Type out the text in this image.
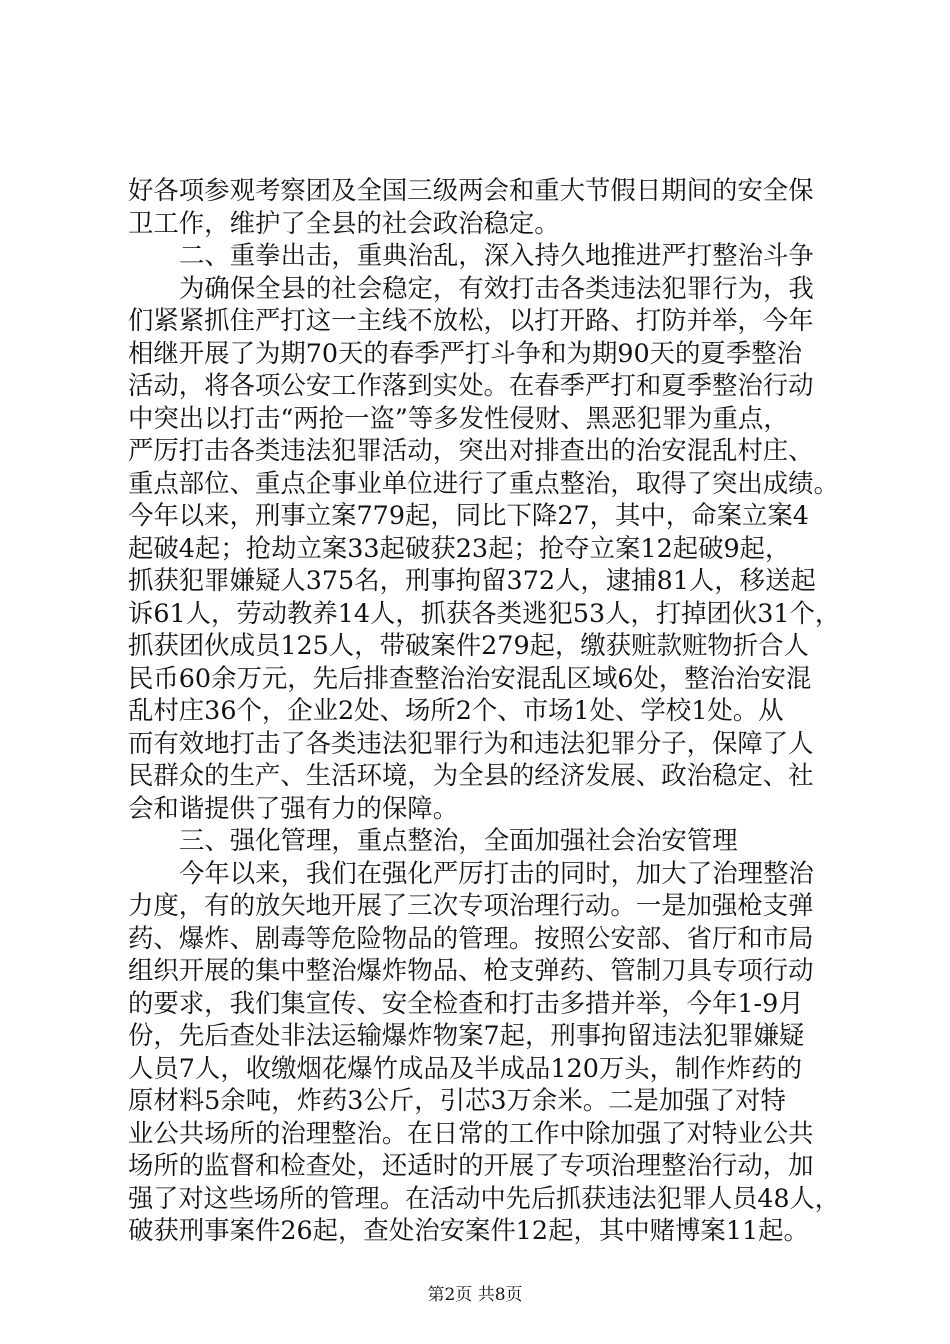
好各项参观考察团及全国三级两会和重大节假日期间的安全保
卫工作，维护了全县的社会政治稳定。
二、重拳出击，重典治乱，深入持久地推进严打整治斗争
为确保全县的社会稳定，有效打击各类违法犯罪行为，我
们紧紧抓住严打这一主线不放松，以打开路、打防并举，今年
相继开展了为期70天的春季严打斗争和为期90天的夏季整治
活动，将各项公安工作落到实处。在春季严打和夏季整治行动
中突出以打击“两抢一盗”等多发性侵财、黑恶犯罪为重点，
严厉打击各类违法犯罪活动，突出对排查出的治安混乱村庄、
重点部位、重点企事业单位进行了重点整治，取得了突出成绩。
今年以来，刑事立案779起，同比下降27，其中，命案立案4
起破4起；抢劫立案33起破获23起；抢夺立案12起破9起，
抓获犯罪嫌疑人375名，刑事拘留372人，逮捕81人，移送起
诉61人，劳动教养14人，抓获各类逃犯53人，打掉团伙31个，
抓获团伙成员125人，带破案件279起，缴获赃款赃物折合人
民币60余万元，先后排查整治治安混乱区域6处，整治治安混
乱村庄36个，企业2处、场所2个、市场1处、学校1处。从
而有效地打击了各类违法犯罪行为和违法犯罪分子，保障了人
民群众的生产、生活环境，为全县的经济发展、政治稳定、社
会和谐提供了强有力的保障。
三、强化管理，重点整治，全面加强社会治安管理
今年以来，我们在强化严厉打击的同时，加大了治理整治
力度，有的放矢地开展了三次专项治理行动。一是加强枪支弹
药、爆炸、剧毒等危险物品的管理。按照公安部、省厅和市局
组织开展的集中整治爆炸物品、枪支弹药、管制刀具专项行动
的要求，我们集宣传、安全检查和打击多措并举，今年1-9月
份，先后查处非法运输爆炸物案7起，刑事拘留违法犯罪嫌疑
人员7人，收缴烟花爆竹成品及半成品120万头，制作炸药的
原材料5余吨，炸药3公斤，引芯3万余米。二是加强了对特
业公共场所的治理整治。在日常的工作中除加强了对特业公共
场所的监督和检查处，还适时的开展了专项治理整治行动，加
强了对这些场所的管理。在活动中先后抓获违法犯罪人员48人，
破获刑事案件26起，查处治安案件12起，其中赌博案11起。
第2页 共8页
